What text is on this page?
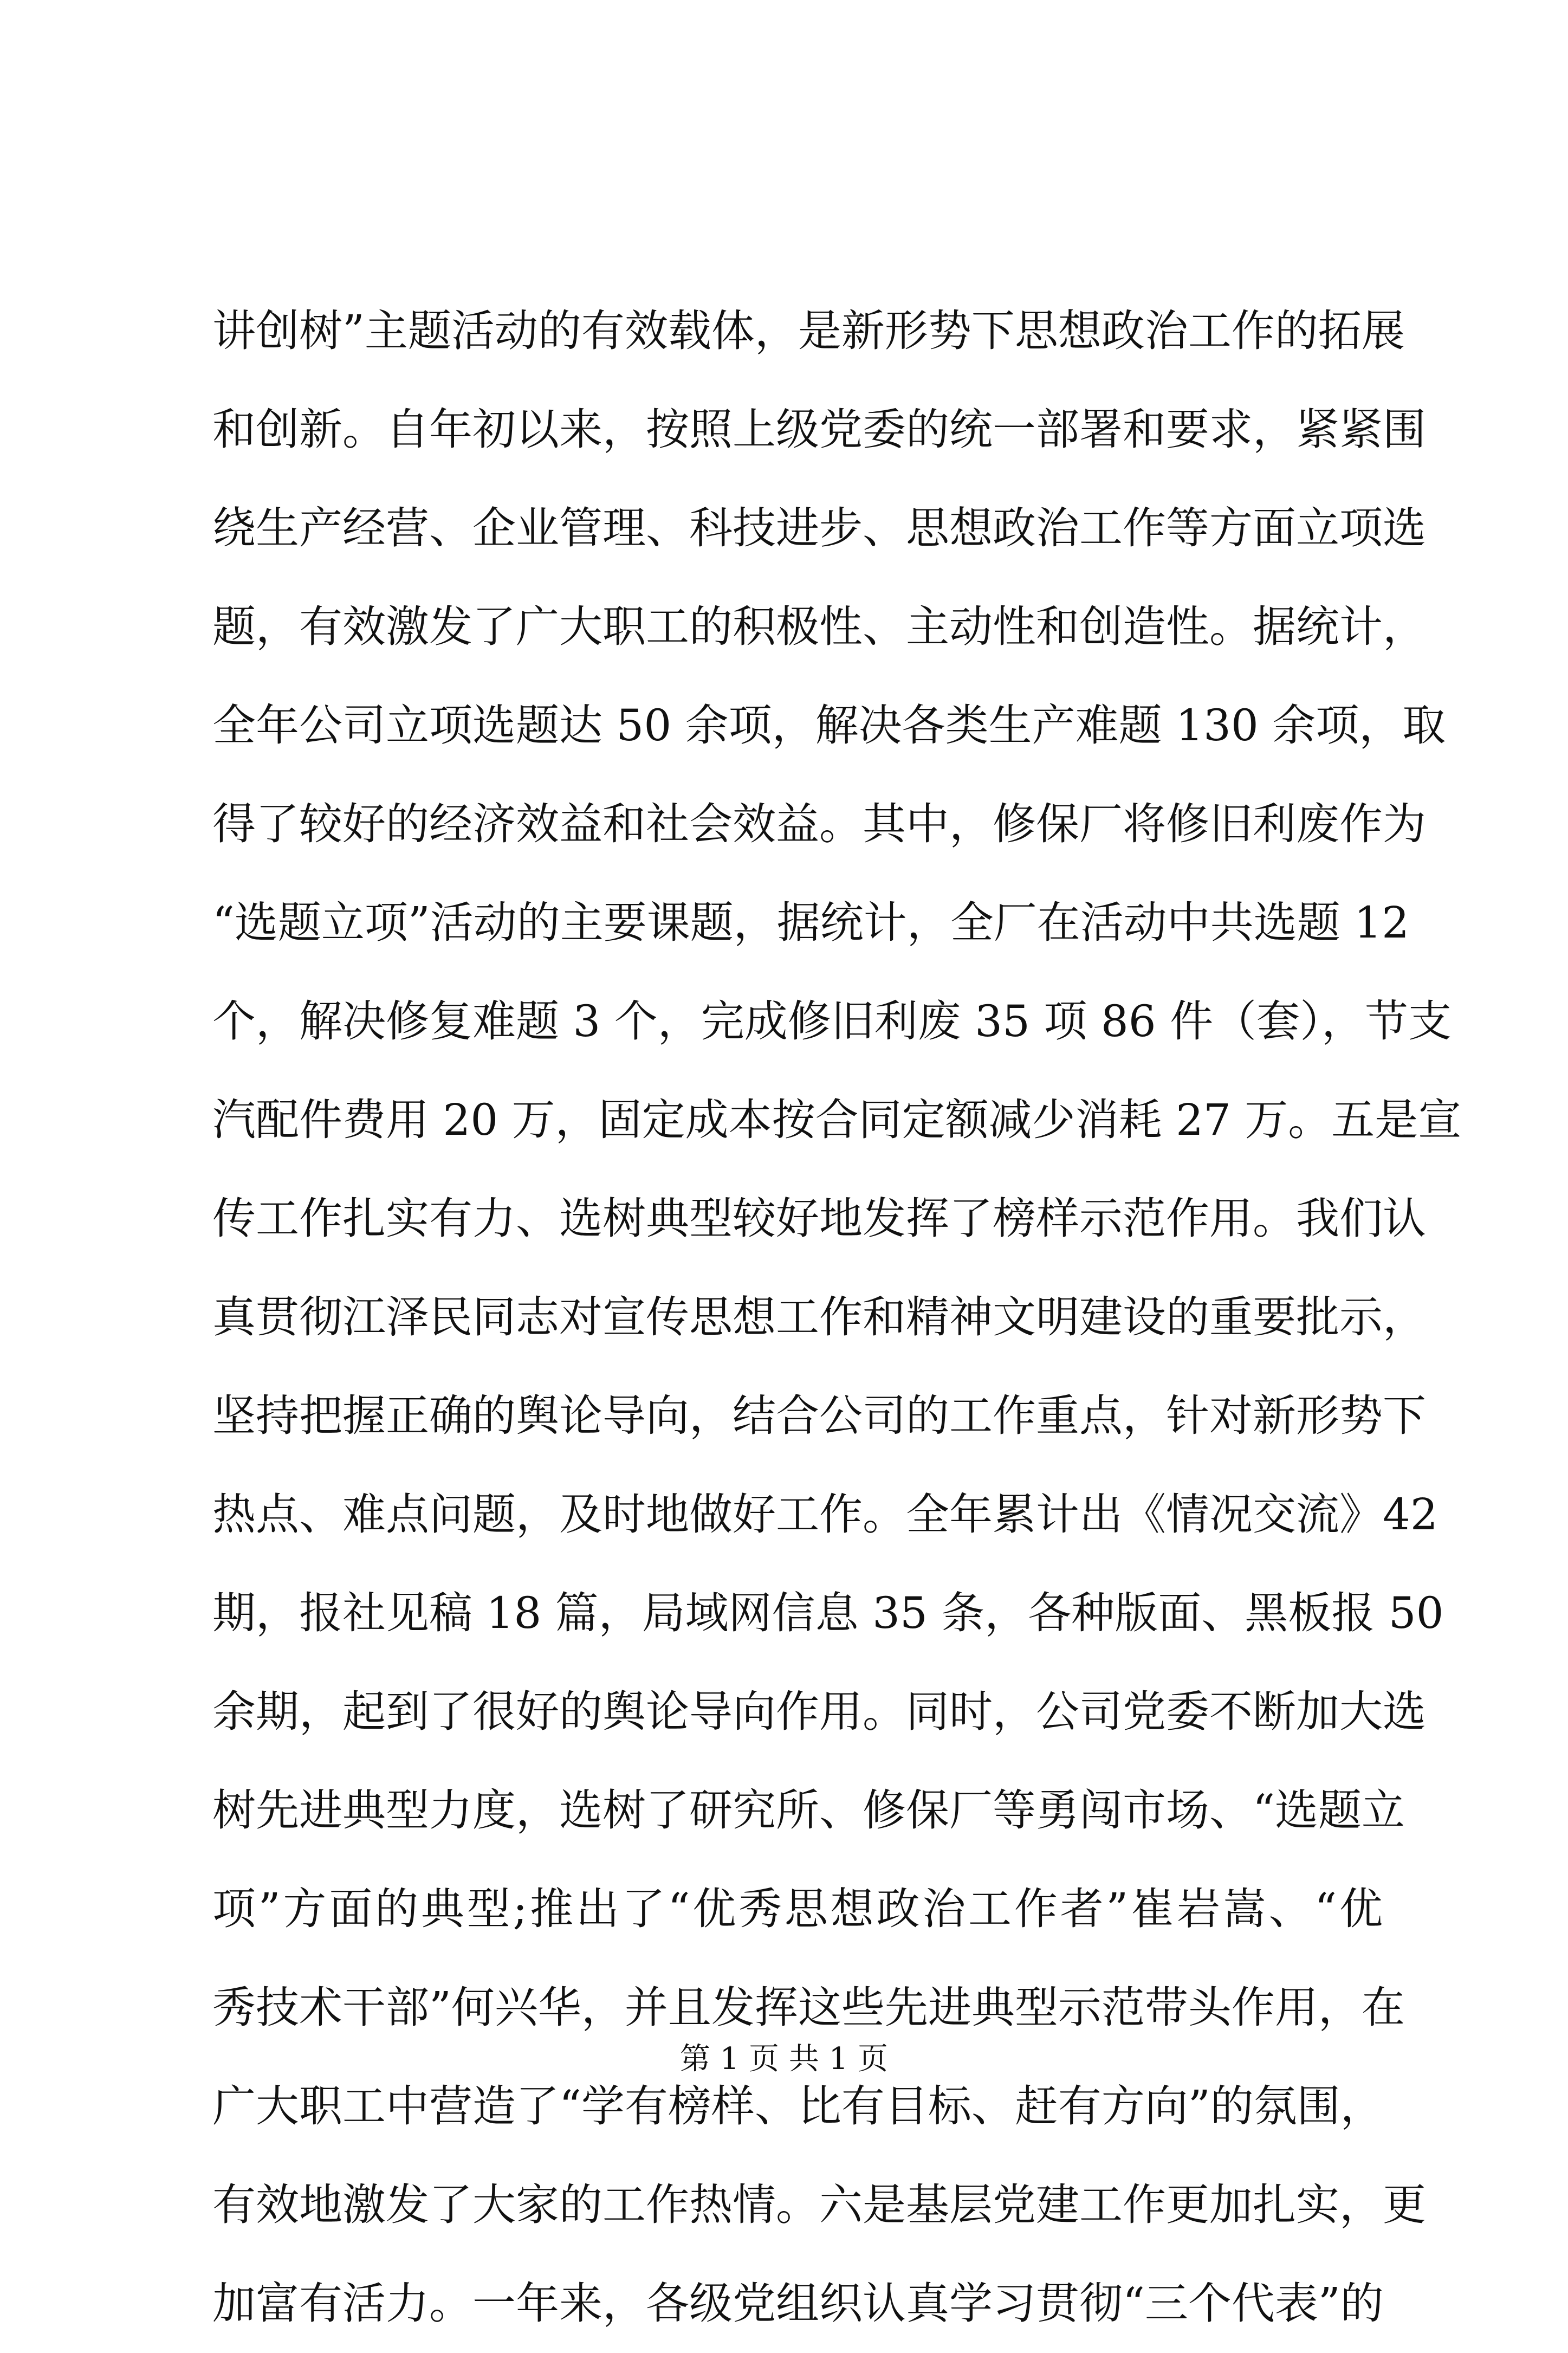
讲创树”主题活动的有效载体，是新形势下思想政治工作的拓展
和创新。自年初以来，按照上级党委的统一部署和要求，紧紧围
绕生产经营、企业管理、科技进步、思想政治工作等方面立项选
题，有效激发了广大职工的积极性、主动性和创造性。据统计，
全年公司立项选题达 50 余项，解决各类生产难题 130 余项，取
得了较好的经济效益和社会效益。其中，修保厂将修旧利废作为
“选题立项”活动的主要课题，据统计，全厂在活动中共选题 12
个，解决修复难题 3 个，完成修旧利废 35 项 86 件（套），节支
汽配件费用 20 万，固定成本按合同定额减少消耗 27 万。五是宣
传工作扎实有力、选树典型较好地发挥了榜样示范作用。我们认
真贯彻江泽民同志对宣传思想工作和精神文明建设的重要批示，
坚持把握正确的舆论导向，结合公司的工作重点，针对新形势下
热点、难点问题，及时地做好工作。全年累计出《情况交流》42
期，报社见稿 18 篇，局域网信息 35 条，各种版面、黑板报 50
余期，起到了很好的舆论导向作用。同时，公司党委不断加大选
树先进典型力度，选树了研究所、修保厂等勇闯市场、“选题立
项”方面的典型;推出了“优秀思想政治工作者”崔岩嵩、“优
秀技术干部”何兴华，并且发挥这些先进典型示范带头作用，在
广大职工中营造了“学有榜样、比有目标、赶有方向”的氛围，
有效地激发了大家的工作热情。六是基层党建工作更加扎实，更
加富有活力。一年来，各级党组织认真学习贯彻“三个代表”的
第 1 页 共 1 页
